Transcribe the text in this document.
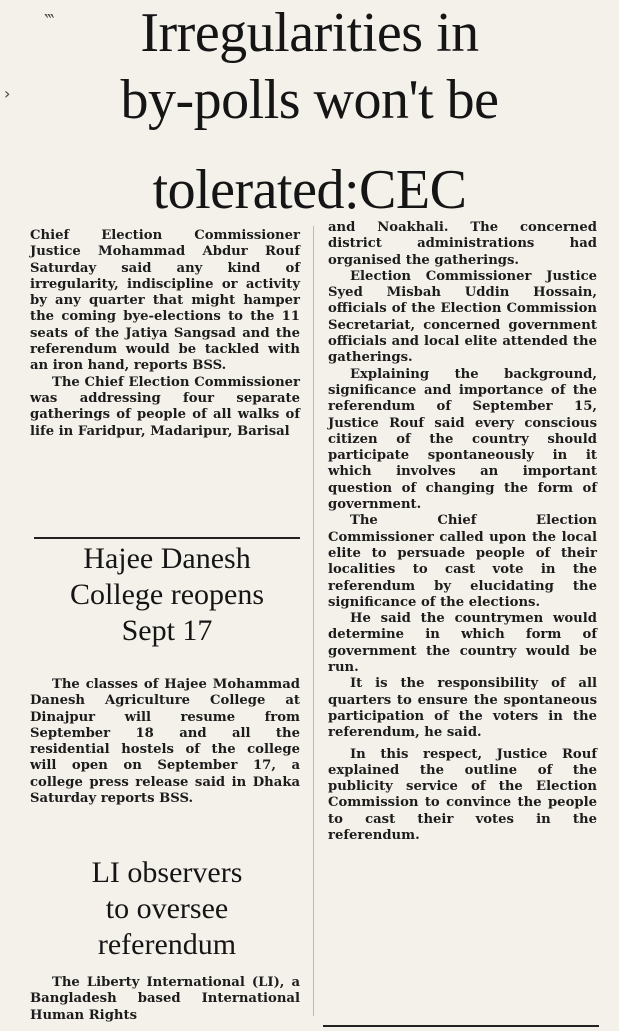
‷
›
Irregularities in
by-polls won't be
tolerated:CEC

Chief Election Commissioner Justice Mohammad Abdur Rouf Saturday said any kind of irregularity, indiscipline or activity by any quarter that might hamper the coming bye-elections to the 11 seats of the Jatiya Sangsad and the referendum would be tackled with an iron hand, reports BSS.

The Chief Election Commissioner was addressing four separate gatherings of people of all walks of life in Faridpur, Madaripur, Barisal

Hajee Danesh
College reopens
Sept 17

The classes of Hajee Mohammad Danesh Agriculture College at Dinajpur will resume from September 18 and all the residential hostels of the college will open on September 17, a college press release said in Dhaka Saturday reports BSS.

LI observers
to oversee
referendum

The Liberty International (LI), a Bangladesh based International Human Rights

and Noakhali. The concerned district administrations had organised the gatherings.

Election Commissioner Justice Syed Misbah Uddin Hossain, officials of the Election Commission Secretariat, concerned government officials and local elite attended the gatherings.

Explaining the background, significance and importance of the referendum of September 15, Justice Rouf said every conscious citizen of the country should participate spontaneously in it which involves an important question of changing the form of government.

The Chief Election Commissioner called upon the local elite to persuade people of their localities to cast vote in the referendum by elucidating the significance of the elections.

He said the countrymen would determine in which form of government the country would be run.

It is the responsibility of all quarters to ensure the spontaneous participation of the voters in the referendum, he said.

In this respect, Justice Rouf explained the outline of the publicity service of the Election Commission to convince the people to cast their votes in the referendum.
